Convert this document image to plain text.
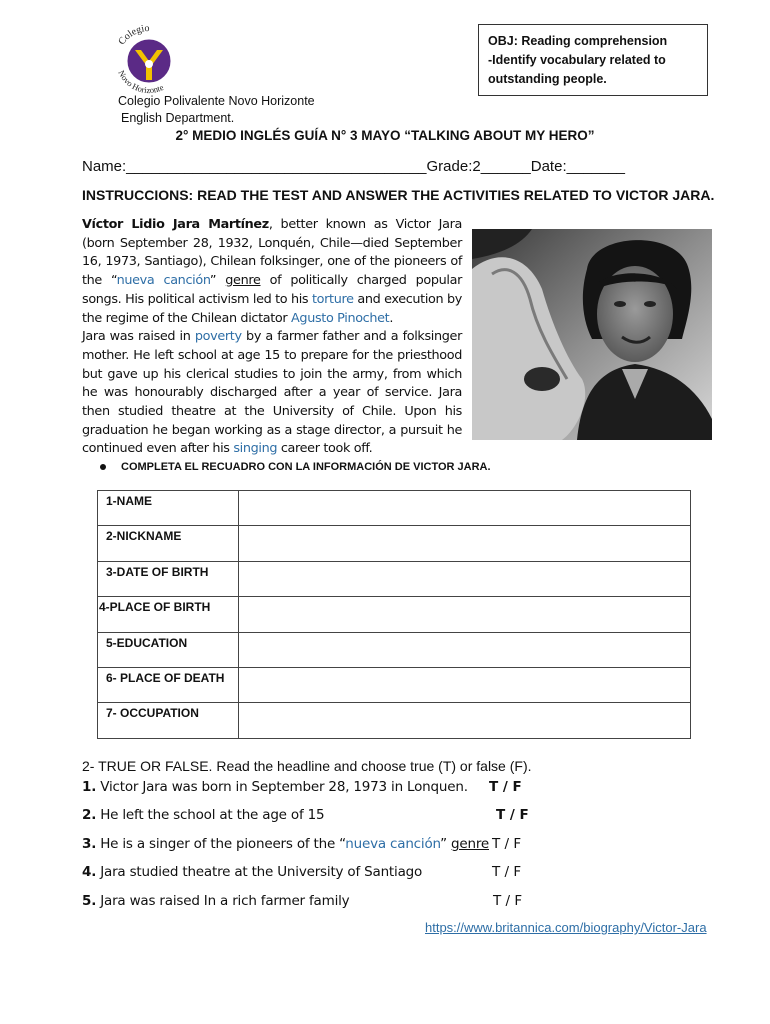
Colegio
Novo Horizonte
OBJ: Reading comprehension
-Identify vocabulary related to
outstanding people.
Colegio Polivalente Novo Horizonte
English Department.
2° MEDIO INGLÉS GUÍA N° 3 MAYO “TALKING ABOUT MY HERO”
Name:____________________________________Grade:2______Date:_______
INSTRUCCIONS: READ THE TEST AND ANSWER THE ACTIVITIES RELATED TO VICTOR JARA.
Víctor Lidio Jara Martínez, better known as Victor Jara (born September 28, 1932, Lonquén, Chile—died September 16, 1973, Santiago), Chilean folksinger, one of the pioneers of the “nueva canción” genre of politically charged popular songs. His political activism led to his torture and execution by the regime of the Chilean dictator Agusto Pinochet.
Jara was raised in poverty by a farmer father and a folksinger mother. He left school at age 15 to prepare for the priesthood but gave up his clerical studies to join the army, from which he was honourably discharged after a year of service. Jara then studied theatre at the University of Chile. Upon his graduation he began working as a stage director, a pursuit he continued even after his singing career took off.
COMPLETA EL RECUADRO CON LA INFORMACIÓN DE VICTOR JARA.
1-NAME	
2-NICKNAME	
3-DATE OF BIRTH	
4-PLACE OF BIRTH	
5-EDUCATION	
6- PLACE OF DEATH	
7- OCCUPATION	
2- TRUE OR FALSE. Read the headline and choose true (T) or false (F).
1. Victor Jara was born in September 28, 1973 in Lonquen. T / F
2. He left the school at the age of 15	T / F
3. He is a singer of the pioneers of the “nueva canción” genre T / F
4. Jara studied theatre at the University of Santiago	T / F
5. Jara was raised In a rich farmer family	T / F
https://www.britannica.com/biography/Victor-Jara
